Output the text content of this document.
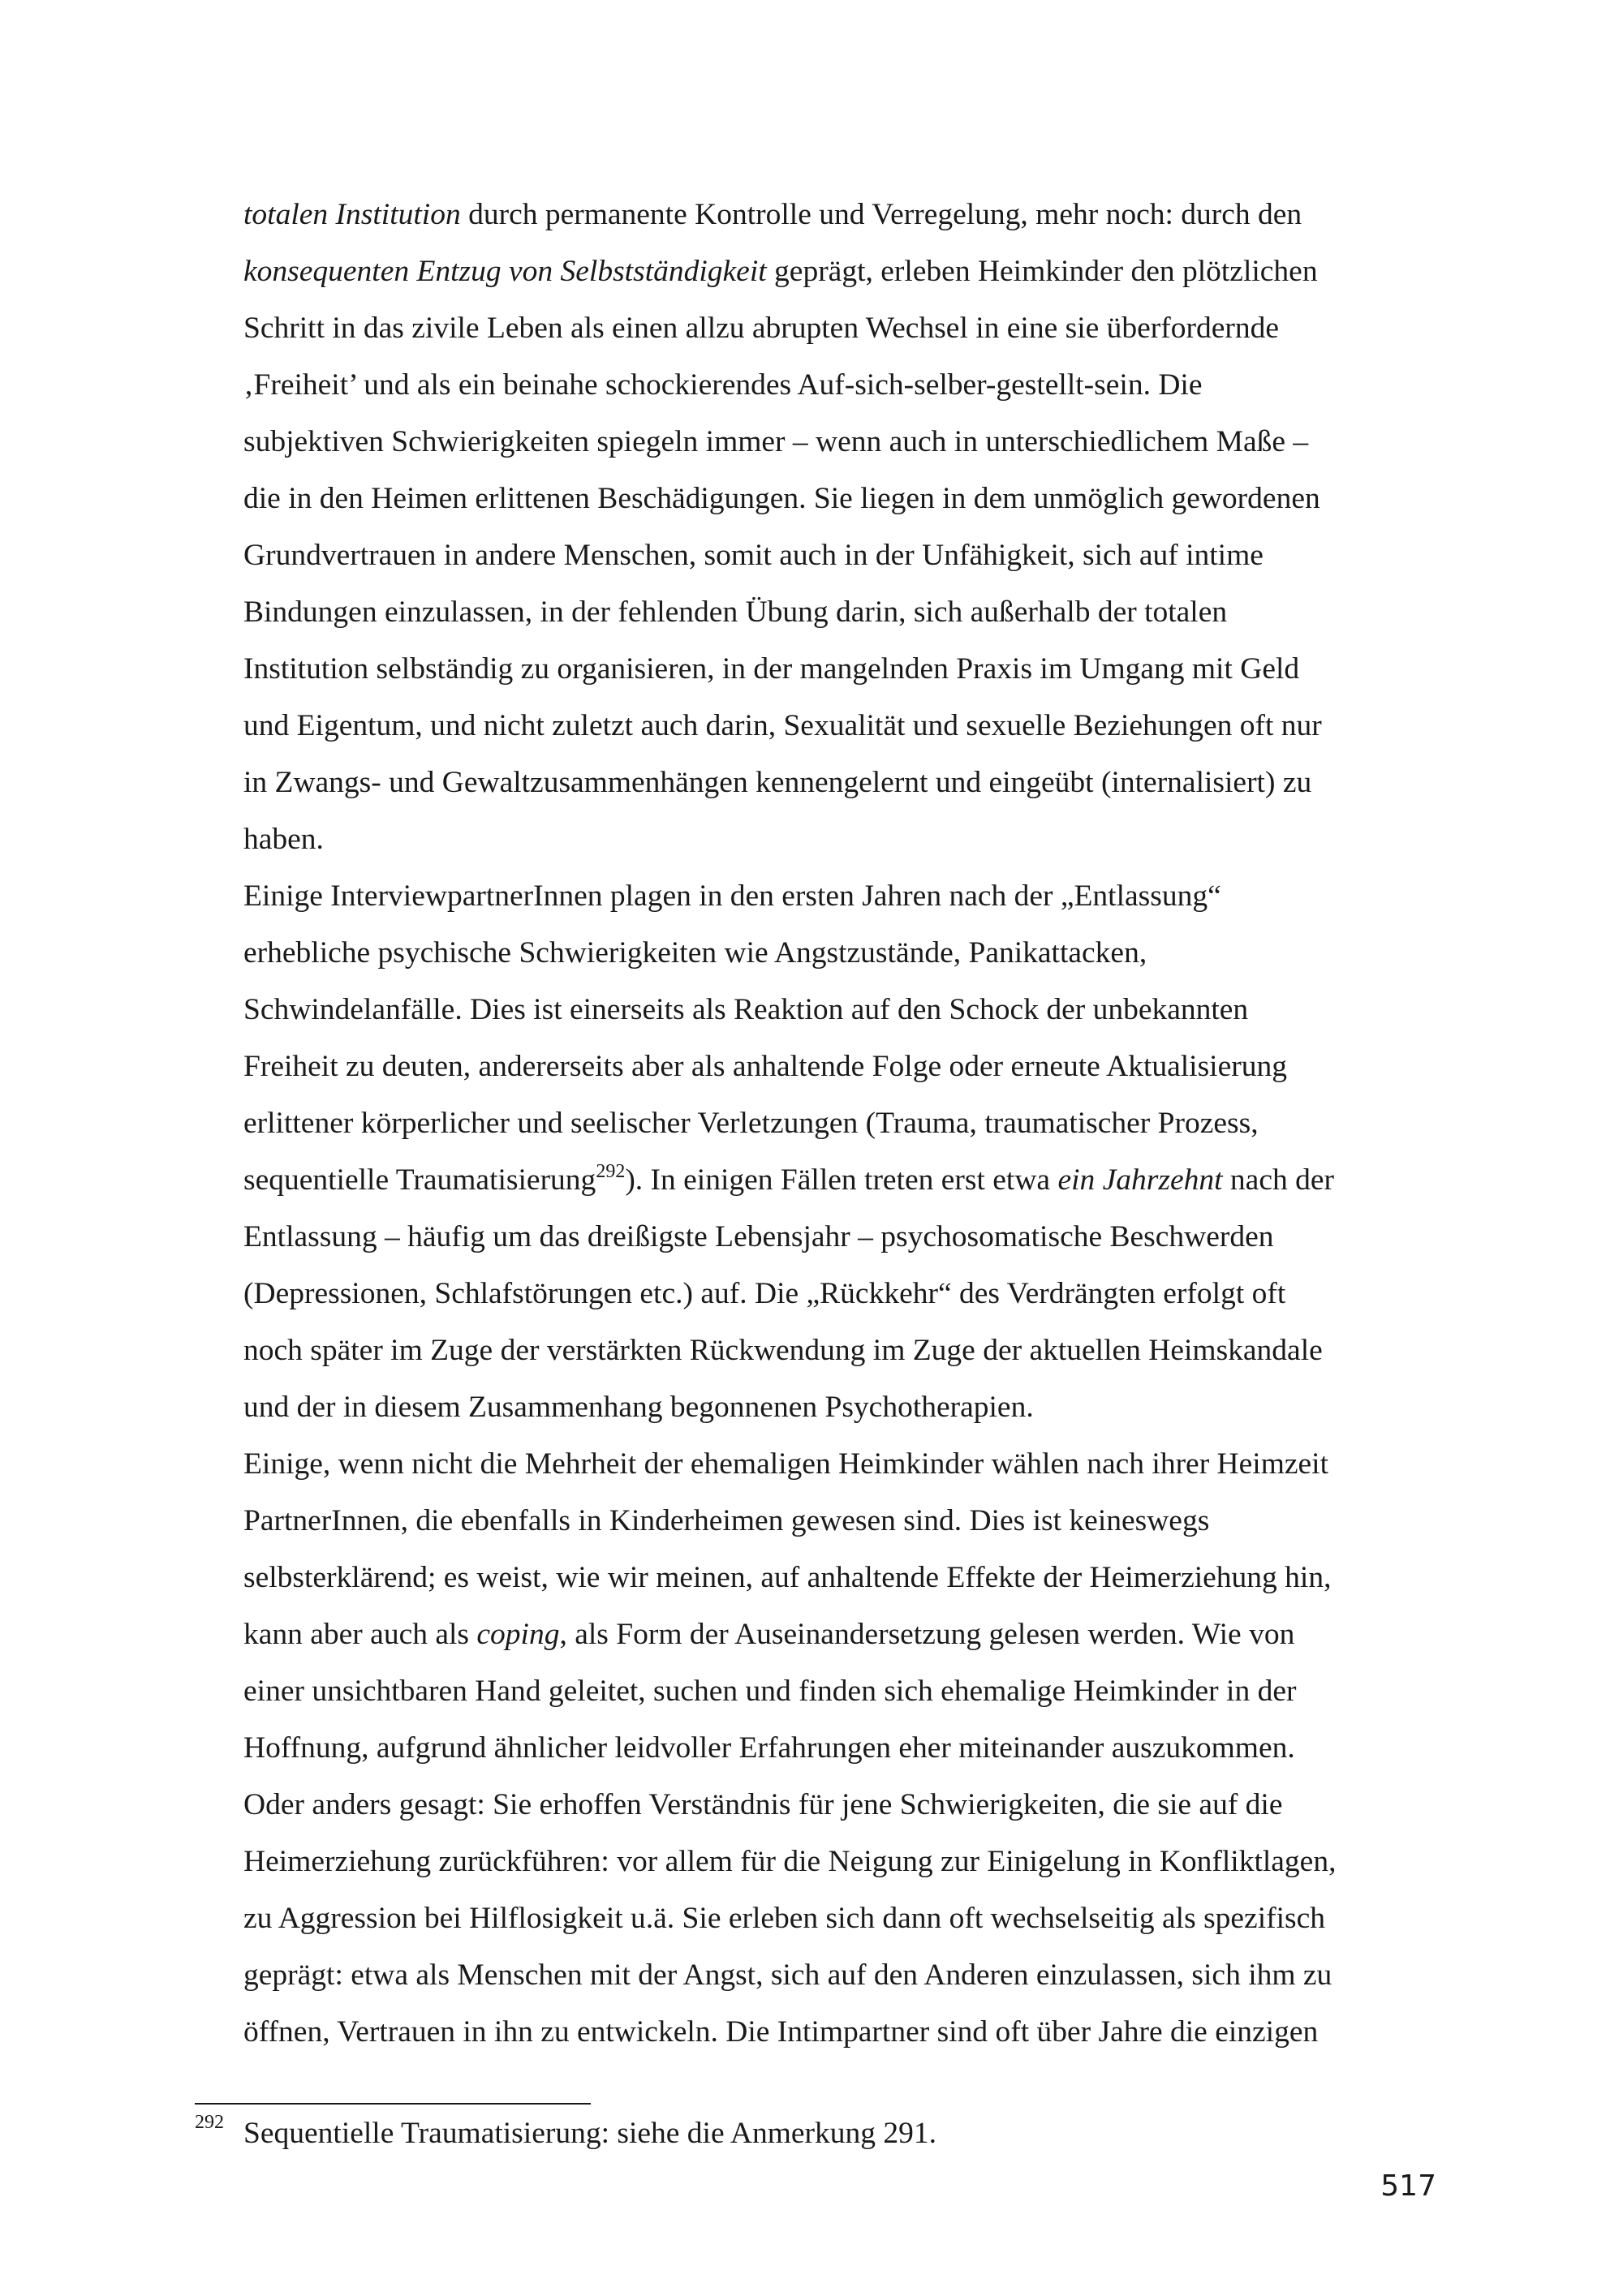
totalen Institution durch permanente Kontrolle und Verregelung, mehr noch: durch den
konsequenten Entzug von Selbstständigkeit geprägt, erleben Heimkinder den plötzlichen
Schritt in das zivile Leben als einen allzu abrupten Wechsel in eine sie überfordernde
‚Freiheit’ und als ein beinahe schockierendes Auf-sich-selber-gestellt-sein. Die
subjektiven Schwierigkeiten spiegeln immer – wenn auch in unterschiedlichem Maße –
die in den Heimen erlittenen Beschädigungen. Sie liegen in dem unmöglich gewordenen
Grundvertrauen in andere Menschen, somit auch in der Unfähigkeit, sich auf intime
Bindungen einzulassen, in der fehlenden Übung darin, sich außerhalb der totalen
Institution selbständig zu organisieren, in der mangelnden Praxis im Umgang mit Geld
und Eigentum, und nicht zuletzt auch darin, Sexualität und sexuelle Beziehungen oft nur
in Zwangs- und Gewaltzusammenhängen kennengelernt und eingeübt (internalisiert) zu
haben.
Einige InterviewpartnerInnen plagen in den ersten Jahren nach der „Entlassung“
erhebliche psychische Schwierigkeiten wie Angstzustände, Panikattacken,
Schwindelanfälle. Dies ist einerseits als Reaktion auf den Schock der unbekannten
Freiheit zu deuten, andererseits aber als anhaltende Folge oder erneute Aktualisierung
erlittener körperlicher und seelischer Verletzungen (Trauma, traumatischer Prozess,
sequentielle Traumatisierung$^{292}$). In einigen Fällen treten erst etwa ein Jahrzehnt nach der
Entlassung – häufig um das dreißigste Lebensjahr – psychosomatische Beschwerden
(Depressionen, Schlafstörungen etc.) auf. Die „Rückkehr“ des Verdrängten erfolgt oft
noch später im Zuge der verstärkten Rückwendung im Zuge der aktuellen Heimskandale
und der in diesem Zusammenhang begonnenen Psychotherapien.
Einige, wenn nicht die Mehrheit der ehemaligen Heimkinder wählen nach ihrer Heimzeit
PartnerInnen, die ebenfalls in Kinderheimen gewesen sind. Dies ist keineswegs
selbsterklärend; es weist, wie wir meinen, auf anhaltende Effekte der Heimerziehung hin,
kann aber auch als coping, als Form der Auseinandersetzung gelesen werden. Wie von
einer unsichtbaren Hand geleitet, suchen und finden sich ehemalige Heimkinder in der
Hoffnung, aufgrund ähnlicher leidvoller Erfahrungen eher miteinander auszukommen.
Oder anders gesagt: Sie erhoffen Verständnis für jene Schwierigkeiten, die sie auf die
Heimerziehung zurückführen: vor allem für die Neigung zur Einigelung in Konfliktlagen,
zu Aggression bei Hilflosigkeit u.ä. Sie erleben sich dann oft wechselseitig als spezifisch
geprägt: etwa als Menschen mit der Angst, sich auf den Anderen einzulassen, sich ihm zu
öffnen, Vertrauen in ihn zu entwickeln. Die Intimpartner sind oft über Jahre die einzigen
$^{292}$ Sequentielle Traumatisierung: siehe die Anmerkung 291.
517
